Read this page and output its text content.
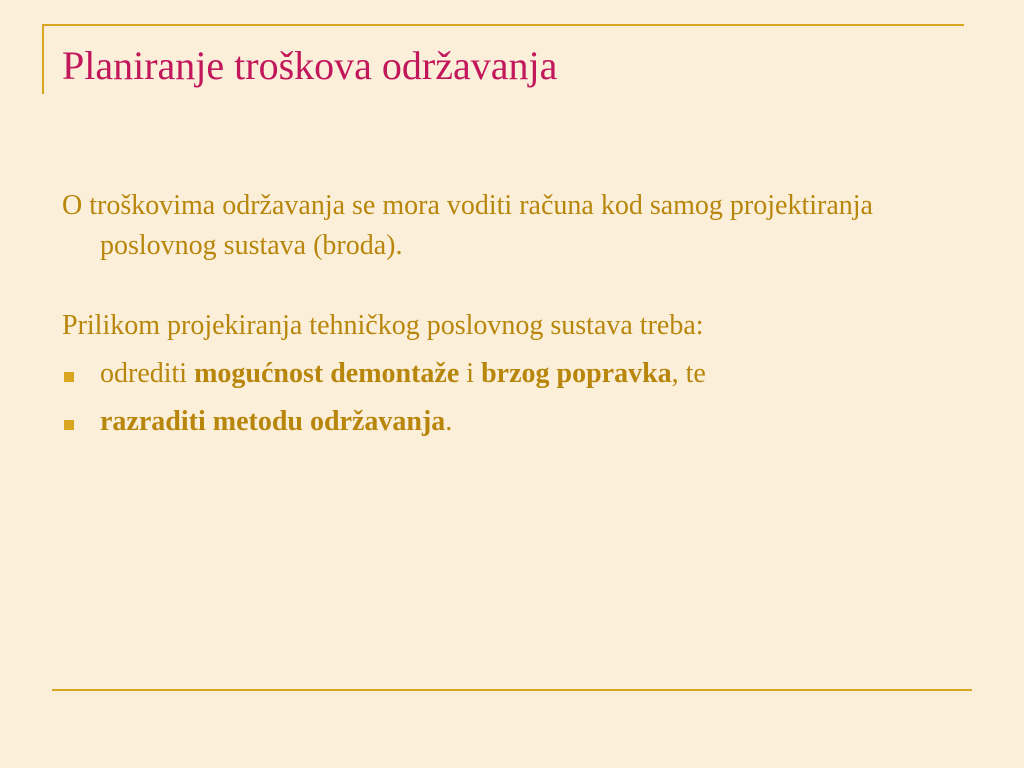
Planiranje troškova održavanja

O troškovima održavanja se mora voditi računa kod samog projektiranja poslovnog sustava (broda).

Prilikom projekiranja tehničkog poslovnog sustava treba:

odrediti mogućnost demontaže i brzog popravka, te
razraditi metodu održavanja.
